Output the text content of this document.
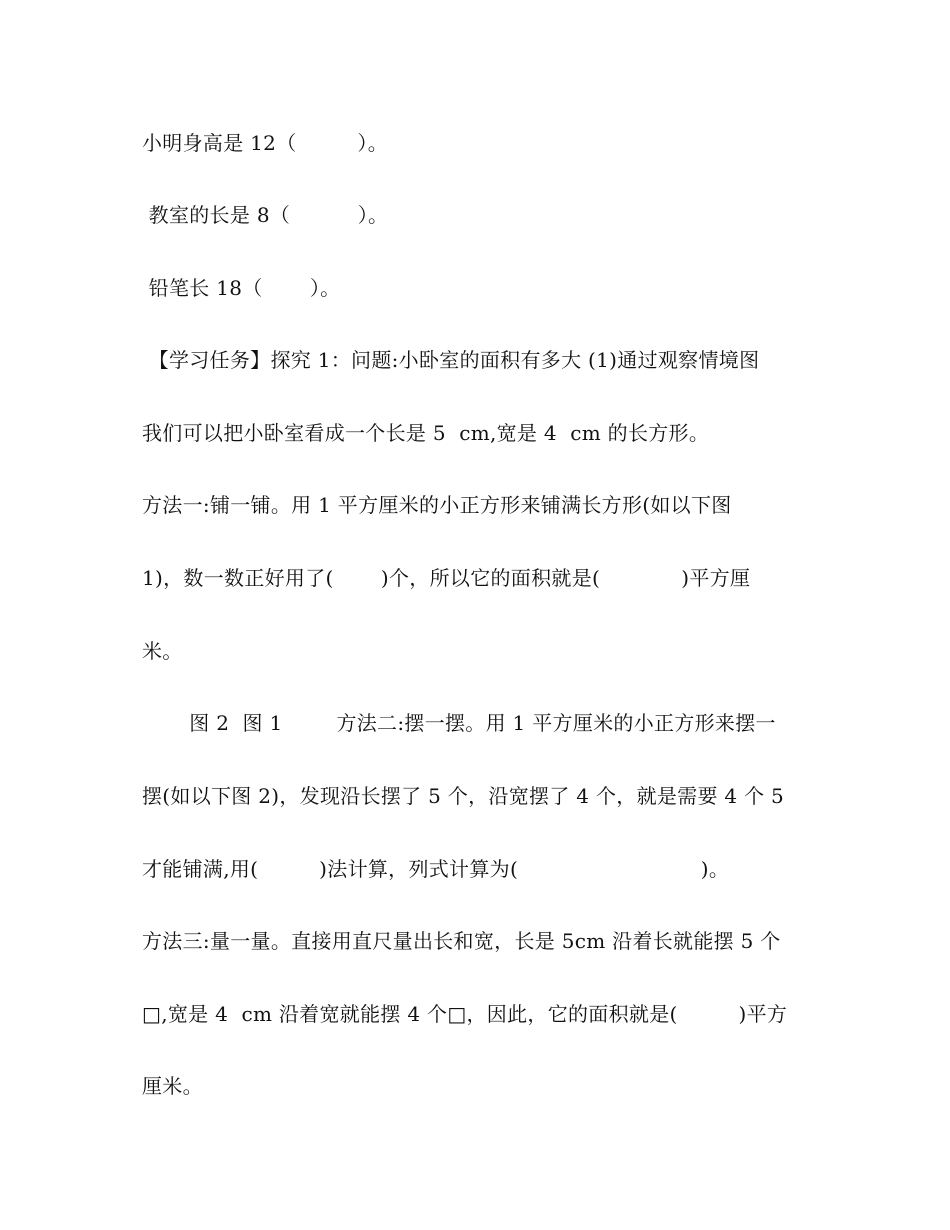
小明身高是 12（　　　）。
教室的长是 8（　　　 ）。
铅笔长 18（　　 ）。
【学习任务】探究 1：问题:小卧室的面积有多大 (1)通过观察情境图
我们可以把小卧室看成一个长是 5  cm,宽是 4  cm 的长方形。
方法一:铺一铺。用 1 平方厘米的小正方形来铺满长方形(如以下图
1)，数一数正好用了(　　 )个，所以它的面积就是(　　　　)平方厘
米。
　　 图 2  图 1 　　 方法二:摆一摆。用 1 平方厘米的小正方形来摆一
摆(如以下图 2)，发现沿长摆了 5 个，沿宽摆了 4 个，就是需要 4 个 5
才能铺满,用(　　　)法计算，列式计算为(　　　　　　　　　)。
方法三:量一量。直接用直尺量出长和宽，长是 5cm 沿着长就能摆 5 个
□,宽是 4  cm 沿着宽就能摆 4 个□，因此，它的面积就是(　　　)平方
厘米。
